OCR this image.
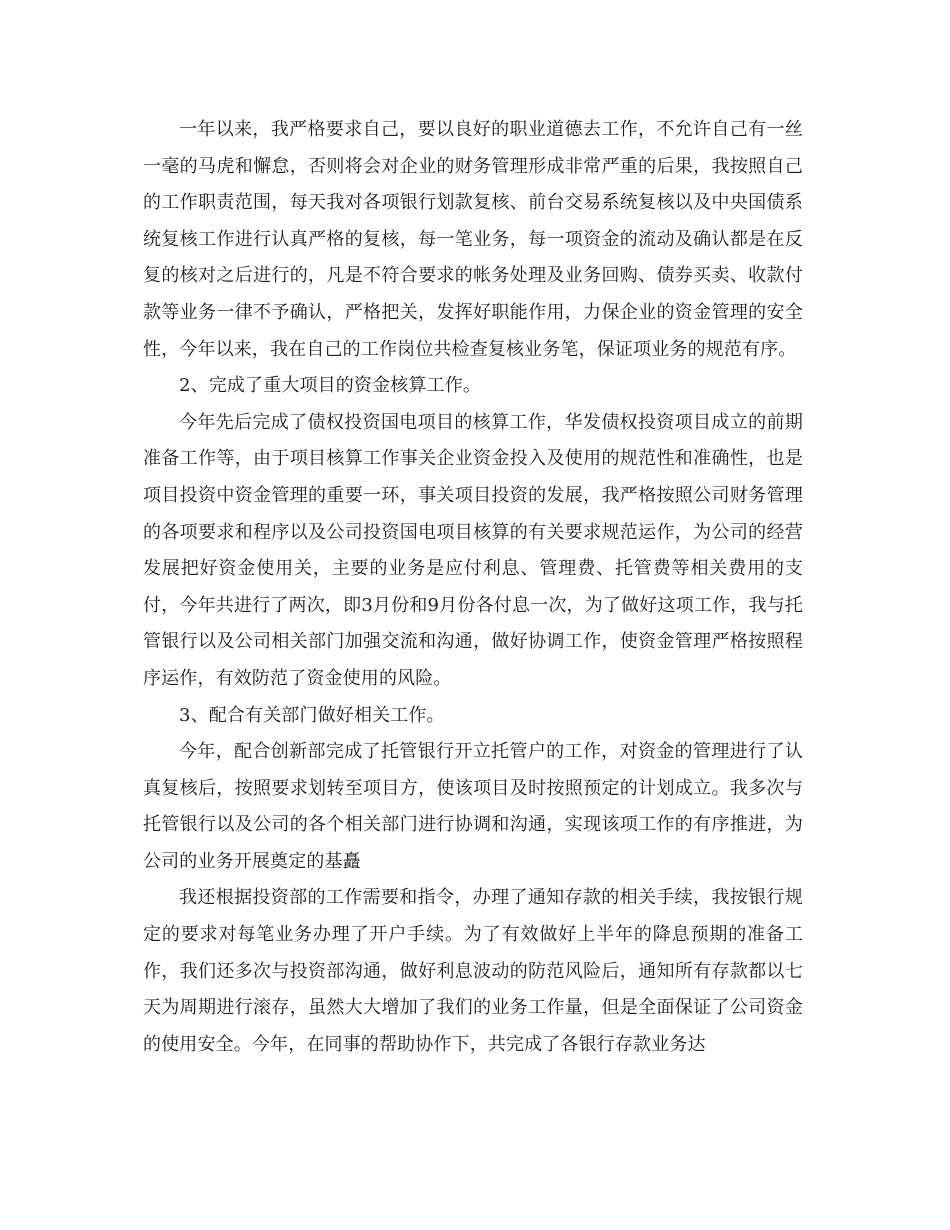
一年以来，我严格要求自己，要以良好的职业道德去工作，不允许自己有一丝一毫的马虎和懈怠，否则将会对企业的财务管理形成非常严重的后果，我按照自己的工作职责范围，每天我对各项银行划款复核、前台交易系统复核以及中央国债系统复核工作进行认真严格的复核，每一笔业务，每一项资金的流动及确认都是在反复的核对之后进行的，凡是不符合要求的帐务处理及业务回购、债券买卖、收款付款等业务一律不予确认，严格把关，发挥好职能作用，力保企业的资金管理的安全性，今年以来，我在自己的工作岗位共检查复核业务笔，保证项业务的规范有序。

2、完成了重大项目的资金核算工作。

今年先后完成了债权投资国电项目的核算工作，华发债权投资项目成立的前期准备工作等，由于项目核算工作事关企业资金投入及使用的规范性和准确性，也是项目投资中资金管理的重要一环，事关项目投资的发展，我严格按照公司财务管理的各项要求和程序以及公司投资国电项目核算的有关要求规范运作，为公司的经营发展把好资金使用关，主要的业务是应付利息、管理费、托管费等相关费用的支付，今年共进行了两次，即3月份和9月份各付息一次，为了做好这项工作，我与托管银行以及公司相关部门加强交流和沟通，做好协调工作，使资金管理严格按照程序运作，有效防范了资金使用的风险。

3、配合有关部门做好相关工作。

今年，配合创新部完成了托管银行开立托管户的工作，对资金的管理进行了认真复核后，按照要求划转至项目方，使该项目及时按照预定的计划成立。我多次与托管银行以及公司的各个相关部门进行协调和沟通，实现该项工作的有序推进，为公司的业务开展奠定的基矗

我还根据投资部的工作需要和指令，办理了通知存款的相关手续，我按银行规定的要求对每笔业务办理了开户手续。为了有效做好上半年的降息预期的准备工作，我们还多次与投资部沟通，做好利息波动的防范风险后，通知所有存款都以七天为周期进行滚存，虽然大大增加了我们的业务工作量，但是全面保证了公司资金的使用安全。今年，在同事的帮助协作下，共完成了各银行存款业务达
